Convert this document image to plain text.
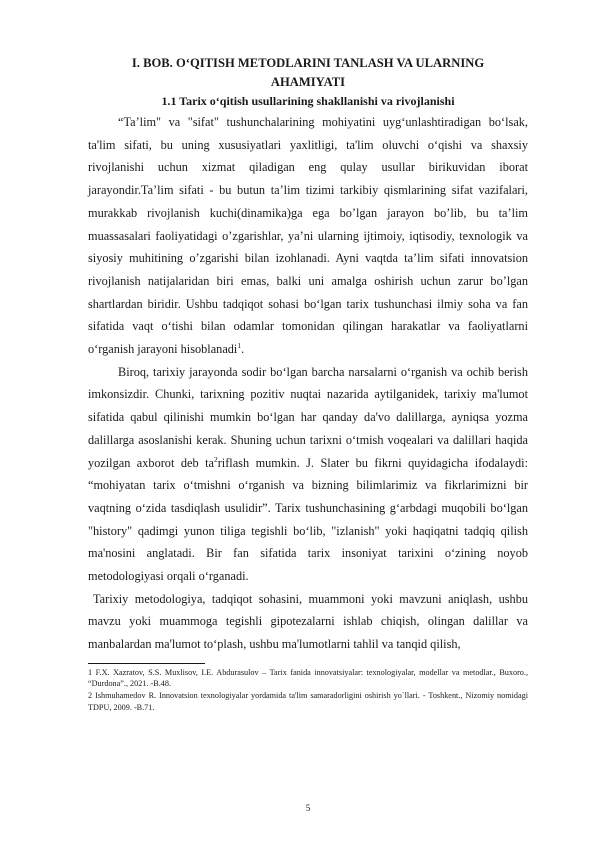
I. BOB. O‘QITISH METODLARINI TANLASH VA ULARNING

AHAMIYATI

1.1 Tarix o‘qitish usullarining shakllanishi va rivojlanishi

“Ta’lim" va "sifat" tushunchalarining mohiyatini uyg‘unlashtiradigan bo‘lsak, ta'lim sifati, bu uning xususiyatlari yaxlitligi, ta'lim oluvchi o‘qishi va shaxsiy rivojlanishi uchun xizmat qiladigan eng qulay usullar birikuvidan iborat jarayondir.Ta’lim sifati - bu butun ta’lim tizimi tarkibiy qismlarining sifat vazifalari, murakkab rivojlanish kuchi(dinamika)ga ega bo’lgan jarayon bo’lib, bu ta’lim muassasalari faoliyatidagi o’zgarishlar, ya’ni ularning ijtimoiy, iqtisodiy, texnologik va siyosiy muhitining o’zgarishi bilan izohlanadi. Ayni vaqtda ta’lim sifati innovatsion rivojlanish natijalaridan biri emas, balki uni amalga oshirish uchun zarur bo’lgan shartlardan biridir. Ushbu tadqiqot sohasi bo‘lgan tarix tushunchasi ilmiy soha va fan sifatida vaqt o‘tishi bilan odamlar tomonidan qilingan harakatlar va faoliyatlarni o‘rganish jarayoni hisoblanadi$^1$.

Biroq, tarixiy jarayonda sodir bo‘lgan barcha narsalarni o‘rganish va ochib berish imkonsizdir. Chunki, tarixning pozitiv nuqtai nazarida aytilganidek, tarixiy ma'lumot sifatida qabul qilinishi mumkin bo‘lgan har qanday da'vo dalillarga, ayniqsa yozma dalillarga asoslanishi kerak. Shuning uchun tarixni o‘tmish voqealari va dalillari haqida yozilgan axborot deb $ta^2riflash$ mumkin. J. Slater bu fikrni quyidagicha ifodalaydi: “mohiyatan tarix o‘tmishni o‘rganish va bizning bilimlarimiz va fikrlarimizni bir vaqtning o‘zida tasdiqlash usulidir”. Tarix tushunchasining g‘arbdagi muqobili bo‘lgan "history" qadimgi yunon tiliga tegishli bo‘lib, "izlanish" yoki haqiqatni tadqiq qilish ma'nosini anglatadi. Bir fan sifatida tarix insoniyat tarixini o‘zining noyob metodologiyasi orqali o‘rganadi.

Tarixiy metodologiya, tadqiqot sohasini, muammoni yoki mavzuni aniqlash, ushbu mavzu yoki muammoga tegishli gipotezalarni ishlab chiqish, olingan dalillar va manbalardan ma'lumot to‘plash, ushbu ma'lumotlarni tahlil va tanqid qilish,

1 F.X. Xazratov, S.S. Muxlisov, I.E. Abdurasulov – Tarix fanida innovatsiyalar: texnologiyalar, modellar va metodlar., Buxoro., “Durdona”., 2021. -B.48.

2 Ishmuhamedov R. Innovatsion texnologiyalar yordamida ta'lim samaradorligini oshirish yo`llari. - Toshkent., Nizomiy nomidagi TDPU, 2009. -B.71.

5
